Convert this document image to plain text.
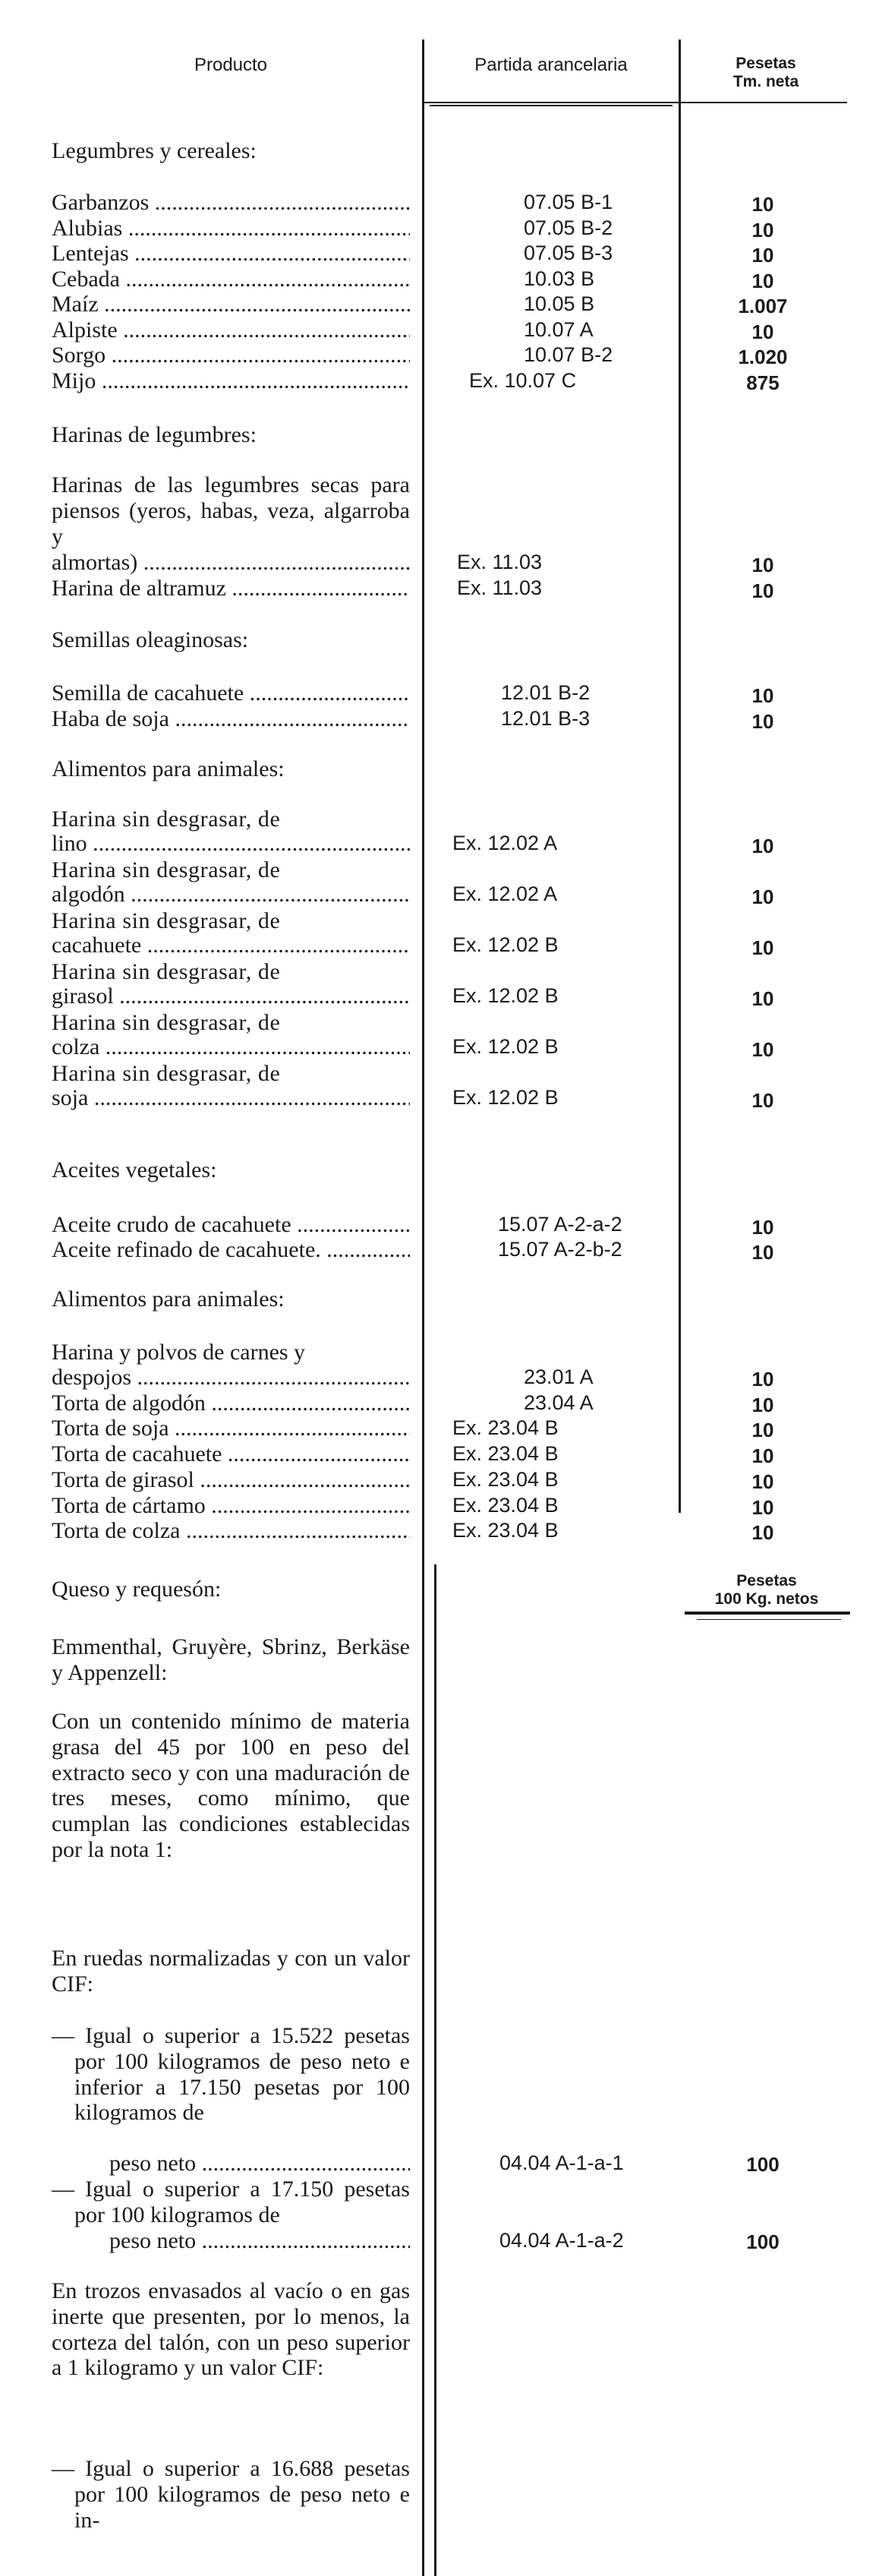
Producto	Partida arancelaria	Pesetas
Tm. neta
Legumbres y cereales:
Garbanzos .....	07.05 B-1	10
Alubias .....	07.05 B-2	10
Lentejas .....	07.05 B-3	10
Cebada .....	10.03 B	10
Maíz .....	10.05 B	1.007
Alpiste .....	10.07 A	10
Sorgo .....	10.07 B-2	1.020
Mijo .....	Ex. 10.07 C	875
Harinas de legumbres:
Harinas de las legumbres secas para piensos (yeros, habas, veza, algarroba y
almortas) .....	Ex. 11.03	10
Harina de altramuz .....	Ex. 11.03	10
Semillas oleaginosas:
Semilla de cacahuete .....	12.01 B-2	10
Haba de soja .....	12.01 B-3	10
Alimentos para animales:
Harina sin desgrasar, de
lino .....	Ex. 12.02 A	10
Harina sin desgrasar, de
algodón .....	Ex. 12.02 A	10
Harina sin desgrasar, de
cacahuete .....	Ex. 12.02 B	10
Harina sin desgrasar, de
girasol .....	Ex. 12.02 B	10
Harina sin desgrasar, de
colza .....	Ex. 12.02 B	10
Harina sin desgrasar, de
soja .....	Ex. 12.02 B	10
Aceites vegetales:
Aceite crudo de cacahuete .....	15.07 A-2-a-2	10
Aceite refinado de cacahuete. .....	15.07 A-2-b-2	10
Alimentos para animales:
Harina y polvos de carnes y
despojos .....	23.01 A	10
Torta de algodón .....	23.04 A	10
Torta de soja .....	Ex. 23.04 B	10
Torta de cacahuete .....	Ex. 23.04 B	10
Torta de girasol .....	Ex. 23.04 B	10
Torta de cártamo .....	Ex. 23.04 B	10
Torta de colza .....	Ex. 23.04 B	10
Queso y requesón:	Pesetas
100 Kg. netos
Emmenthal, Gruyère, Sbrinz, Berkäse y Appenzell:
Con un contenido mínimo de materia grasa del 45 por 100 en peso del extracto seco y con una maduración de tres meses, como mínimo, que cumplan las condiciones establecidas por la nota 1:
En ruedas normalizadas y con un valor CIF:
— Igual o superior a 15.522 pesetas por 100 kilogramos de peso neto e inferior a 17.150 pesetas por 100 kilogramos de
peso neto .....	04.04 A-1-a-1	100
— Igual o superior a 17.150 pesetas por 100 kilogramos de
peso neto .....	04.04 A-1-a-2	100
En trozos envasados al vacío o en gas inerte que presenten, por lo menos, la corteza del talón, con un peso superior a 1 kilogramo y un valor CIF:
— Igual o superior a 16.688 pesetas por 100 kilogramos de peso neto e in-
